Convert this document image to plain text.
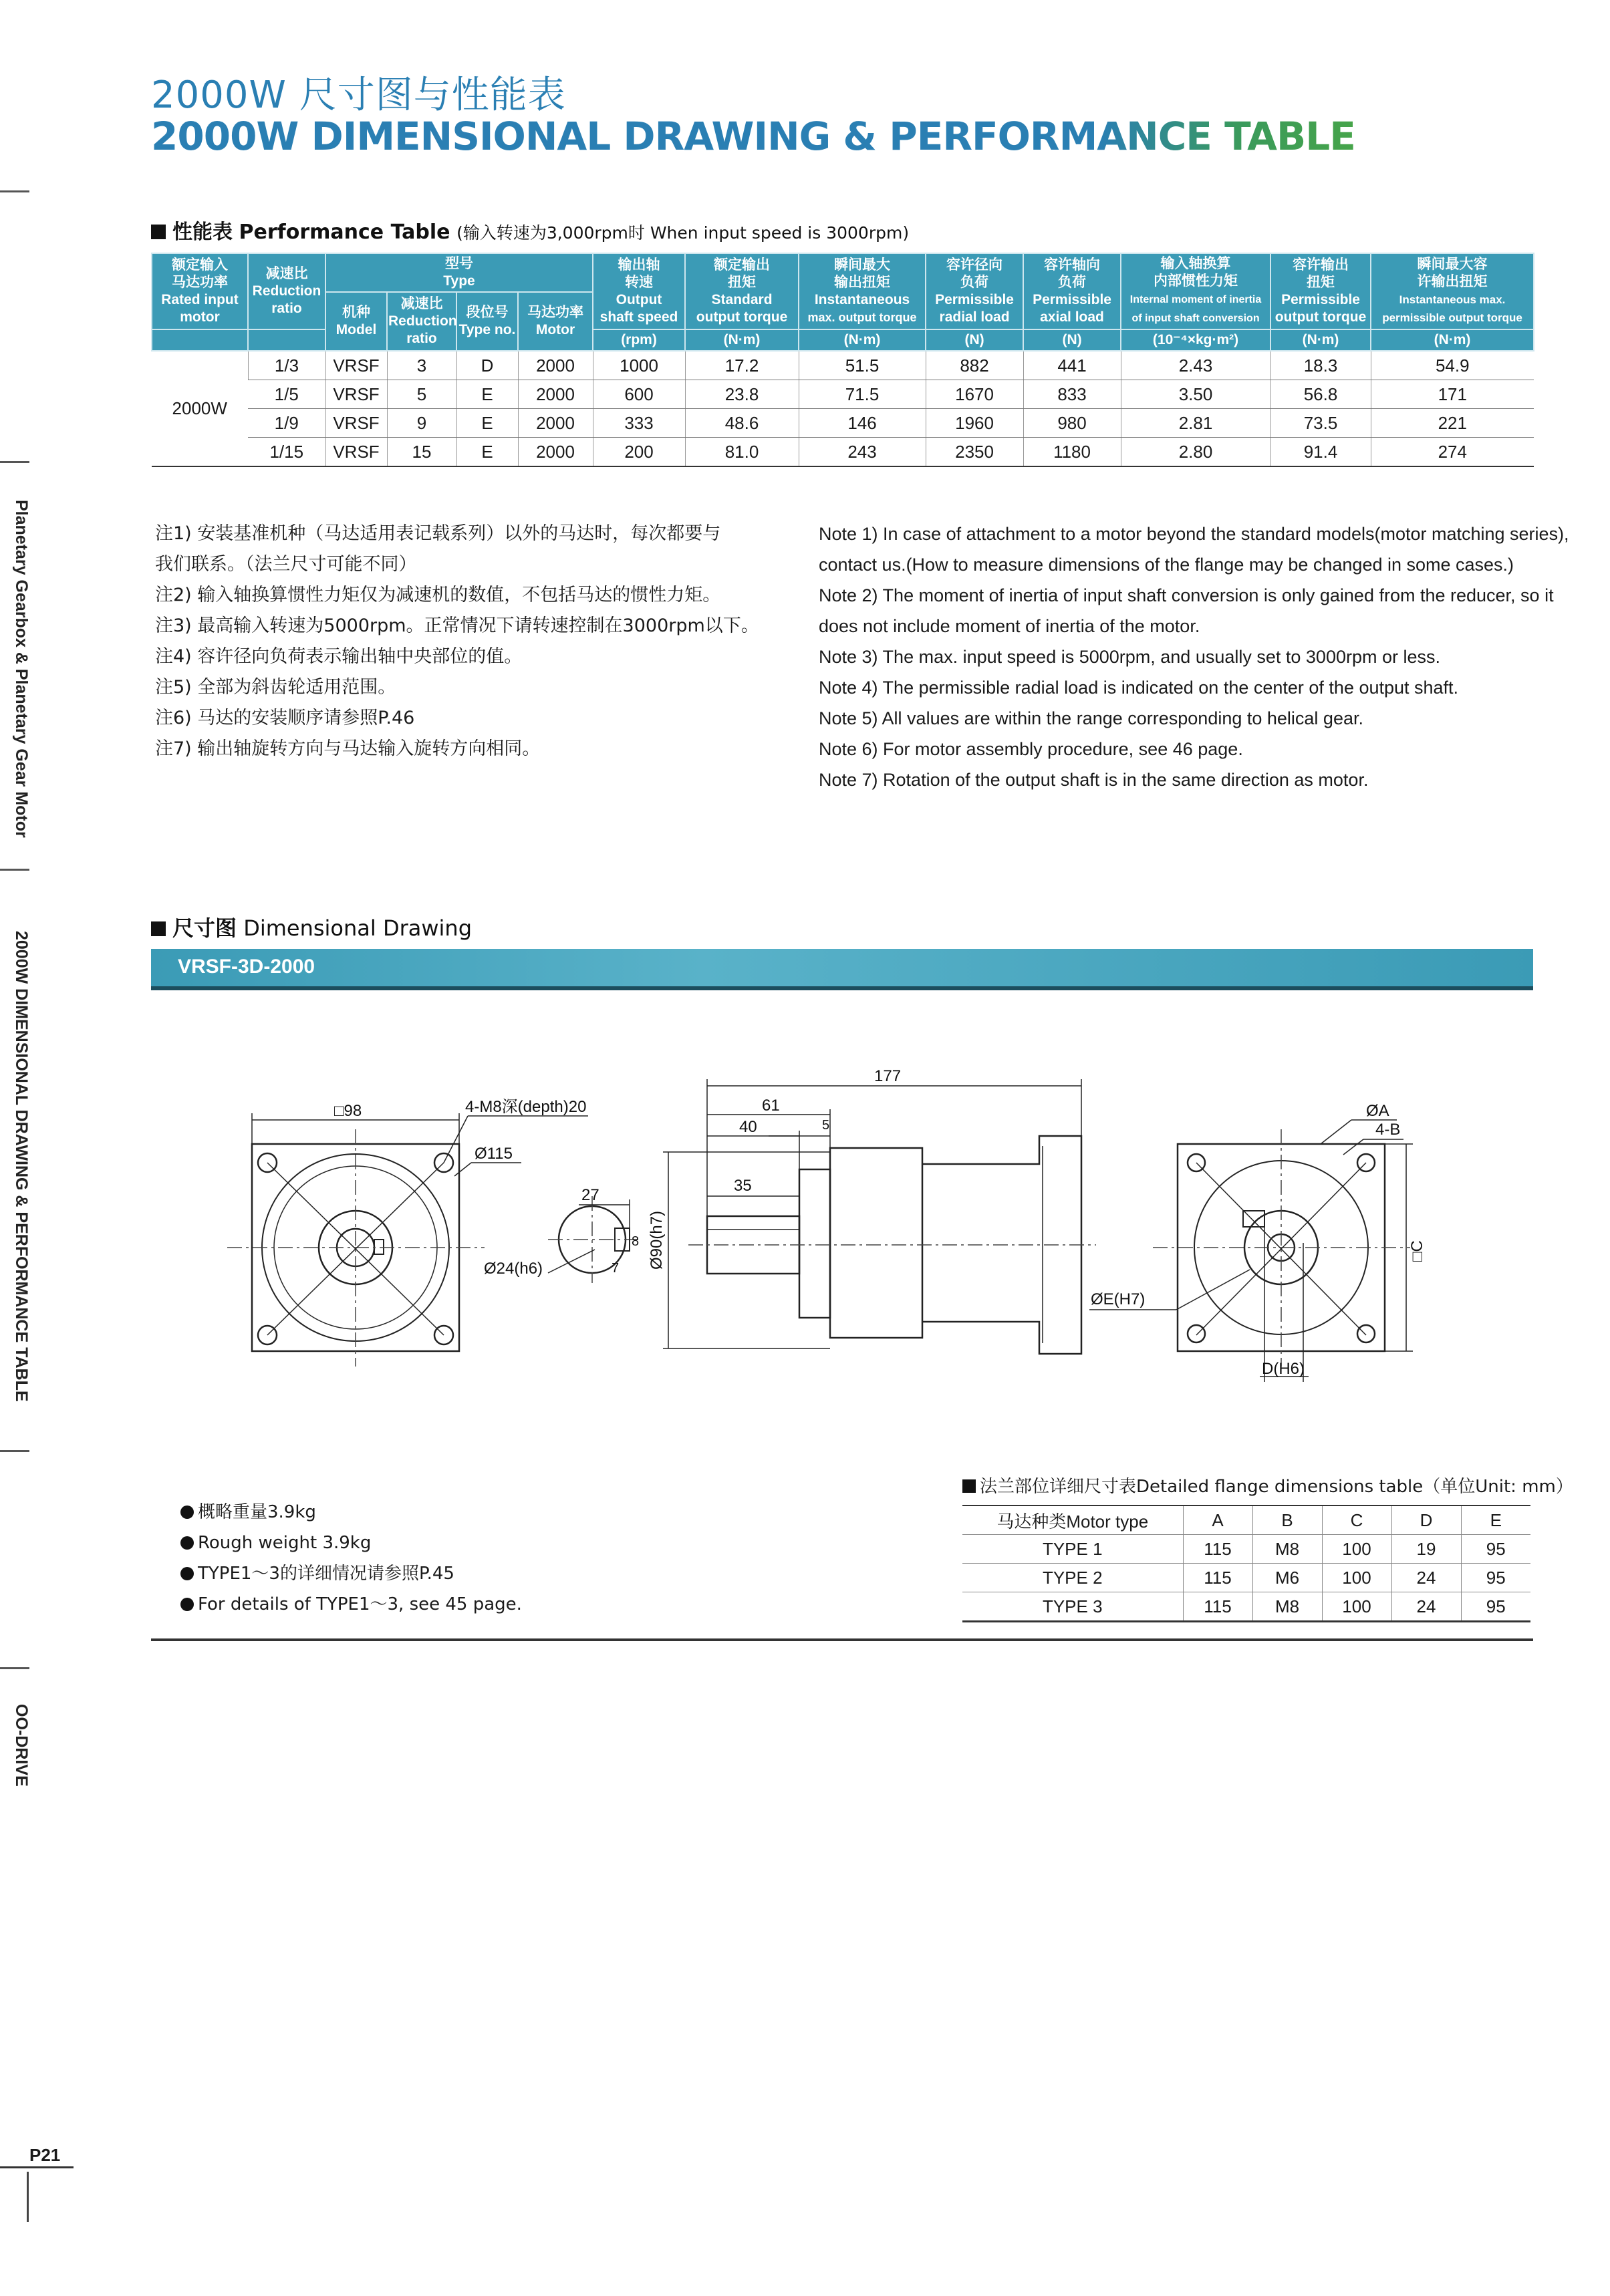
Planetary Gearbox & Planetary Gear Motor
2000W DIMENSIONAL DRAWING & PERFORMANCE TABLE
OO-DRIVE
2000W 尺寸图与性能表
2000W DIMENSIONAL DRAWING & PERFORMANCE TABLE
性能表 Performance Table (输入转速为3,000rpm时 When input speed is 3000rpm)
额定输入
马达功率
Rated input
motor	减速比
Reduction
ratio	型号
Type				输出轴
转速
Output
shaft speed	额定输出
扭矩
Standard
output torque	瞬间最大
输出扭矩
Instantaneous
max. output torque	容许径向
负荷
Permissible
radial load	容许轴向
负荷
Permissible
axial load	输入轴换算
内部惯性力矩
Internal moment of inertia
of input shaft conversion	容许输出
扭矩
Permissible
output torque	瞬间最大容
许输出扭矩
Instantaneous max.
permissible output torque
		机种
Model	减速比
Reduction
ratio	段位号
Type no.	马达功率
Motor								
						(rpm)	(N·m)	(N·m)	(N)	(N)	(10⁻⁴×kg·m²)	(N·m)	(N·m)
2000W	1/3	VRSF	3	D	2000	1000	17.2	51.5	882	441	2.43	18.3	54.9
	1/5	VRSF	5	E	2000	600	23.8	71.5	1670	833	3.50	56.8	171
	1/9	VRSF	9	E	2000	333	48.6	146	1960	980	2.81	73.5	221
	1/15	VRSF	15	E	2000	200	81.0	243	2350	1180	2.80	91.4	274
注1) 安装基准机种（马达适用表记载系列）以外的马达时，每次都要与
我们联系。（法兰尺寸可能不同）
注2) 输入轴换算惯性力矩仅为减速机的数值，不包括马达的惯性力矩。
注3) 最高输入转速为5000rpm。正常情况下请转速控制在3000rpm以下。
注4) 容许径向负荷表示输出轴中央部位的值。
注5) 全部为斜齿轮适用范围。
注6) 马达的安装顺序请参照P.46
注7) 输出轴旋转方向与马达输入旋转方向相同。
Note 1) In case of attachment to a motor beyond the standard models(motor matching series),
contact us.(How to measure dimensions of the flange may be changed in some cases.)
Note 2) The moment of inertia of input shaft conversion is only gained from the reducer, so it
does not include moment of inertia of the motor.
Note 3) The max. input speed is 5000rpm, and usually set to 3000rpm or less.
Note 4) The permissible radial load is indicated on the center of the output shaft.
Note 5) All values are within the range corresponding to helical gear.
Note 6) For motor assembly procedure, see 46 page.
Note 7) Rotation of the output shaft is in the same direction as motor.
尺寸图 Dimensional Drawing
VRSF-3D-2000
□98	4-M8深(depth)20
Ø115
27
Ø24(h6)
8
7 Ø90(h7)
177
61
40	5
35
ØA
4-B
□C
ØE(H7)
D(H6)
概略重量3.9kg
Rough weight 3.9kg
TYPE1～3的详细情况请参照P.45
For details of TYPE1～3, see 45 page.
法兰部位详细尺寸表Detailed flange dimensions table（单位Unit: mm）
马达种类Motor type	A	B	C	D	E
TYPE 1	115	M8	100	19	95
TYPE 2	115	M6	100	24	95
TYPE 3	115	M8	100	24	95
P21
